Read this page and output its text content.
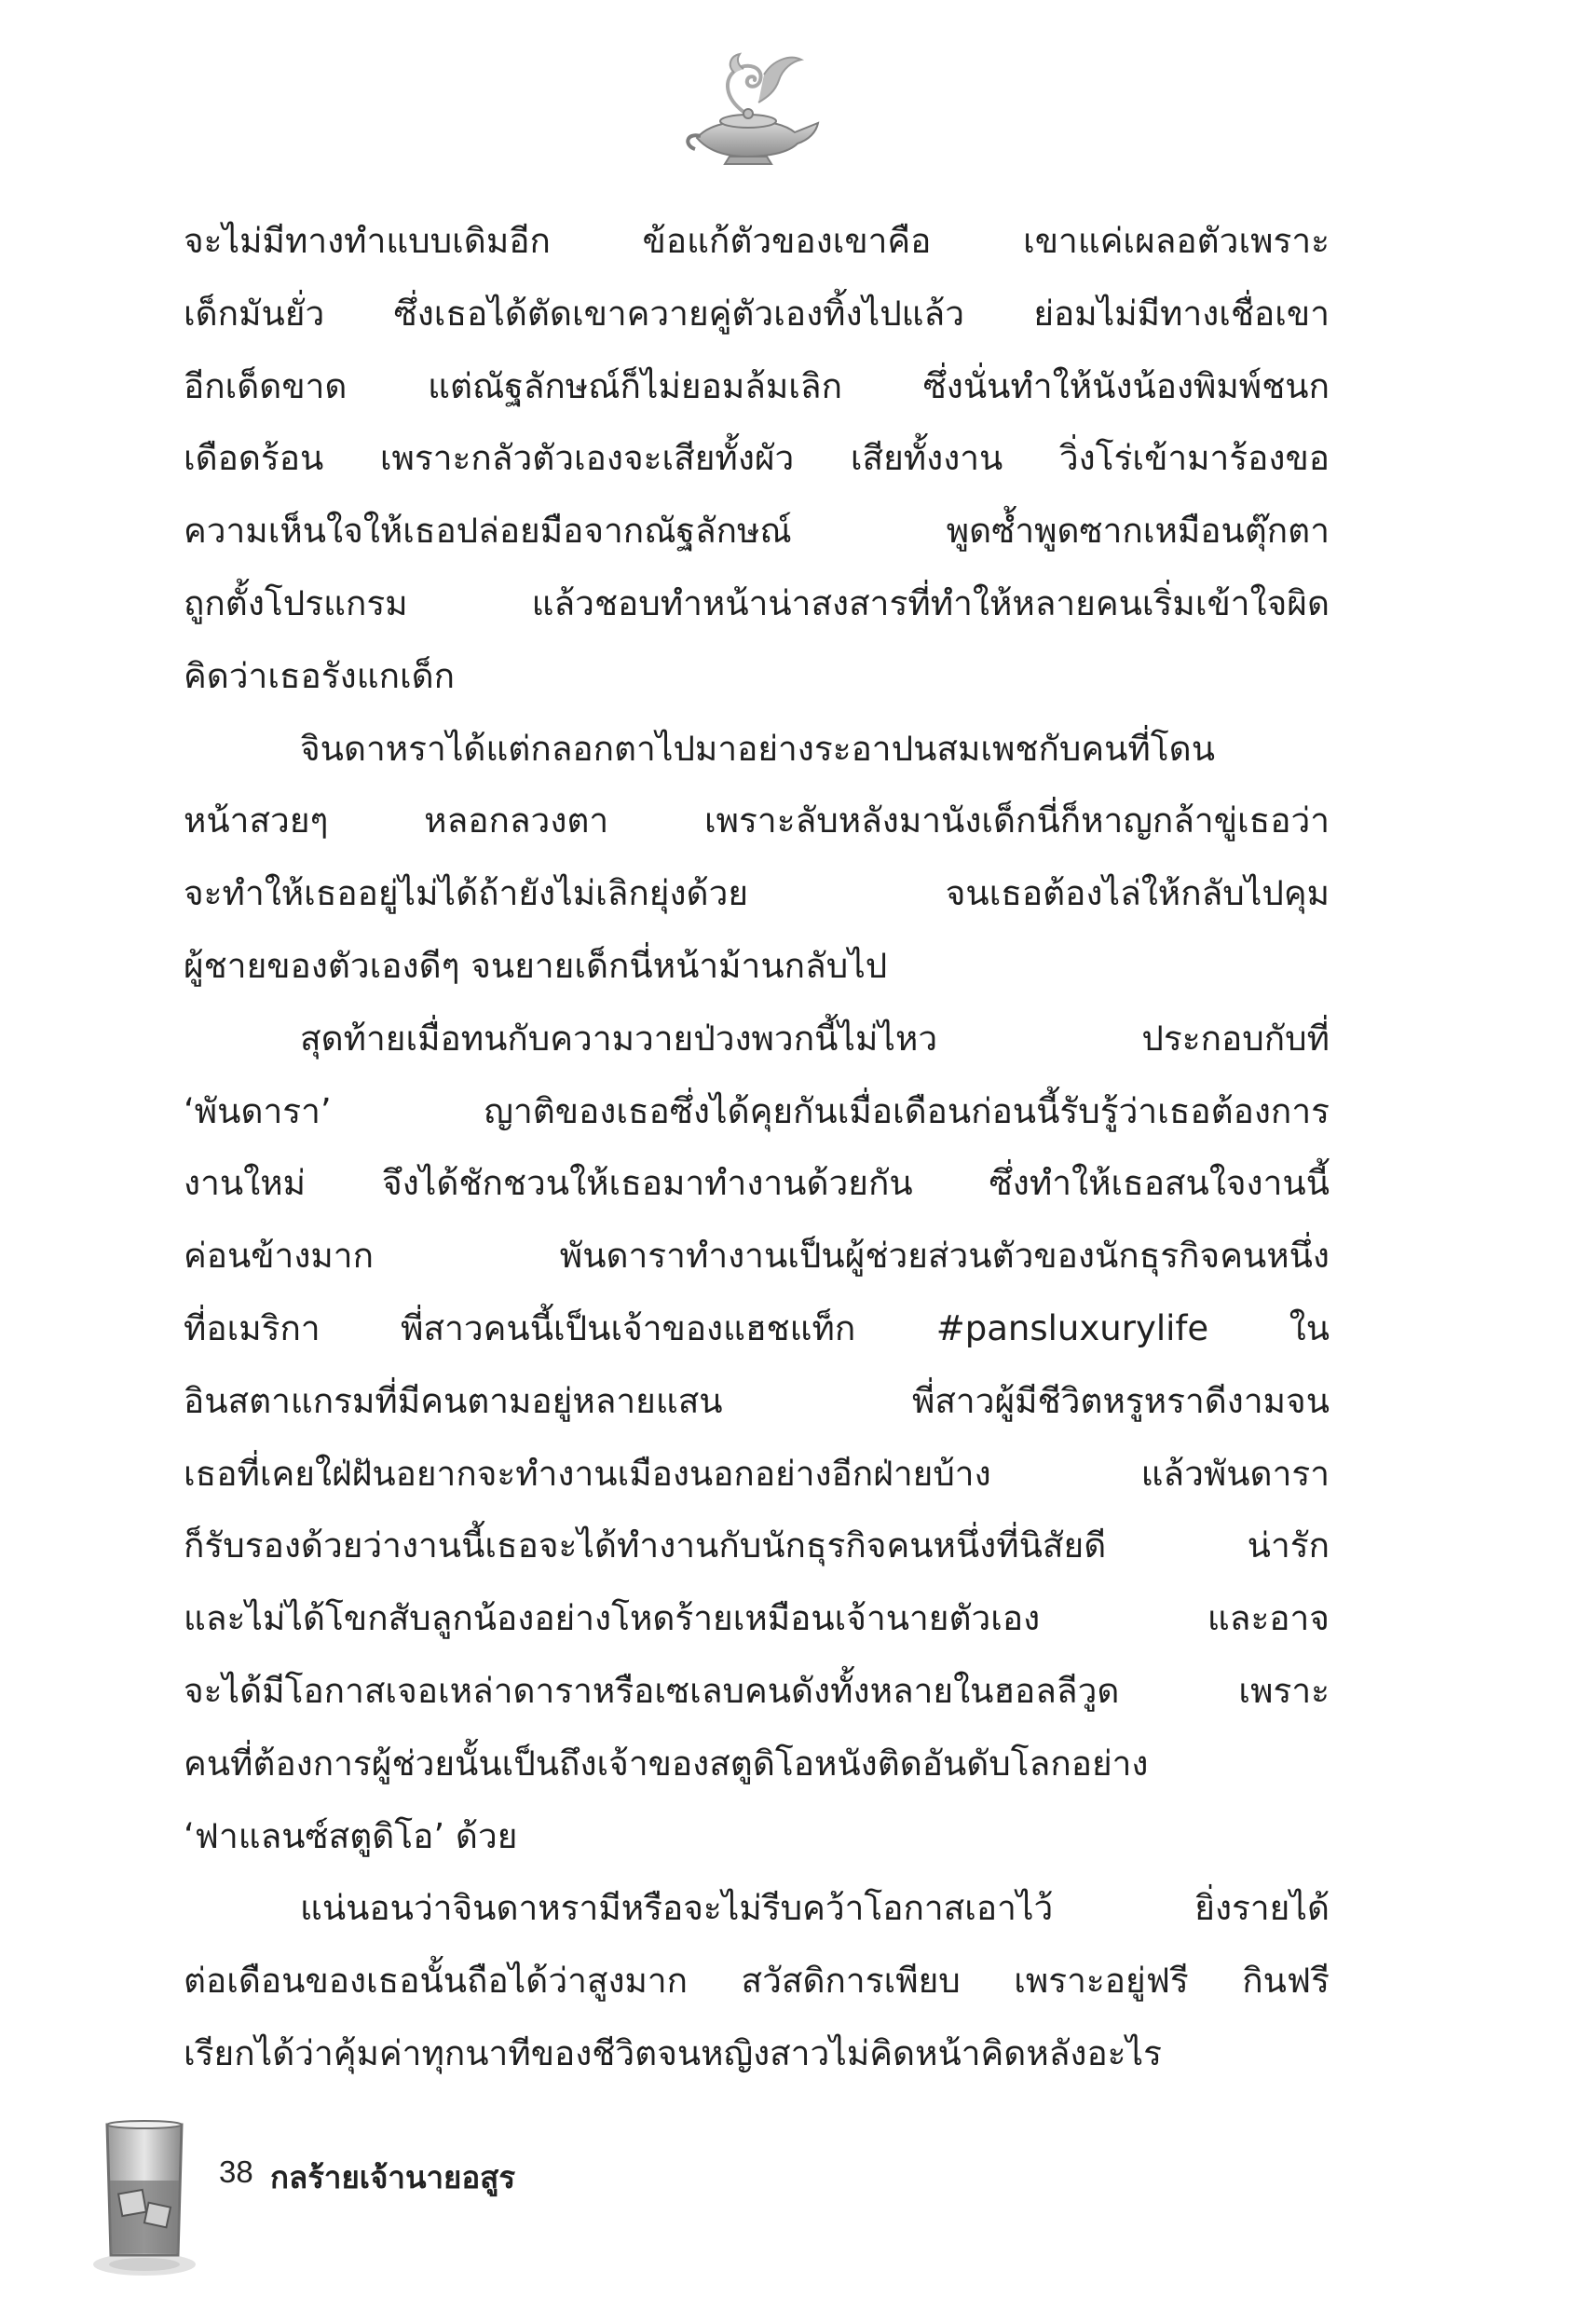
จะไม่มีทางทำแบบเดิมอีก ข้อแก้ตัวของเขาคือ เขาแค่เผลอตัวเพราะ
เด็กมันยั่ว ซึ่งเธอได้ตัดเขาควายคู่ตัวเองทิ้งไปแล้ว ย่อมไม่มีทางเชื่อเขา
อีกเด็ดขาด แต่ณัฐลักษณ์ก็ไม่ยอมล้มเลิก ซึ่งนั่นทำให้นังน้องพิมพ์ชนก
เดือดร้อน เพราะกลัวตัวเองจะเสียทั้งผัว เสียทั้งงาน วิ่งโร่เข้ามาร้องขอ
ความเห็นใจให้เธอปล่อยมือจากณัฐลักษณ์ พูดซ้ำพูดซากเหมือนตุ๊กตา
ถูกตั้งโปรแกรม แล้วชอบทำหน้าน่าสงสารที่ทำให้หลายคนเริ่มเข้าใจผิด
คิดว่าเธอรังแกเด็ก
จินดาหราได้แต่กลอกตาไปมาอย่างระอาปนสมเพชกับคนที่โดน
หน้าสวยๆ หลอกลวงตา เพราะลับหลังมานังเด็กนี่ก็หาญกล้าขู่เธอว่า
จะทำให้เธออยู่ไม่ได้ถ้ายังไม่เลิกยุ่งด้วย จนเธอต้องไล่ให้กลับไปคุม
ผู้ชายของตัวเองดีๆ จนยายเด็กนี่หน้าม้านกลับไป
สุดท้ายเมื่อทนกับความวายป่วงพวกนี้ไม่ไหว ประกอบกับที่
‘พันดารา’ ญาติของเธอซึ่งได้คุยกันเมื่อเดือนก่อนนี้รับรู้ว่าเธอต้องการ
งานใหม่ จึงได้ชักชวนให้เธอมาทำงานด้วยกัน ซึ่งทำให้เธอสนใจงานนี้
ค่อนข้างมาก พันดาราทำงานเป็นผู้ช่วยส่วนตัวของนักธุรกิจคนหนึ่ง
ที่อเมริกา พี่สาวคนนี้เป็นเจ้าของแฮชแท็ก #pansluxurylife ใน
อินสตาแกรมที่มีคนตามอยู่หลายแสน พี่สาวผู้มีชีวิตหรูหราดีงามจน
เธอที่เคยใฝ่ฝันอยากจะทำงานเมืองนอกอย่างอีกฝ่ายบ้าง แล้วพันดารา
ก็รับรองด้วยว่างานนี้เธอจะได้ทำงานกับนักธุรกิจคนหนึ่งที่นิสัยดี น่ารัก
และไม่ได้โขกสับลูกน้องอย่างโหดร้ายเหมือนเจ้านายตัวเอง และอาจ
จะได้มีโอกาสเจอเหล่าดาราหรือเซเลบคนดังทั้งหลายในฮอลลีวูด เพราะ
คนที่ต้องการผู้ช่วยนั้นเป็นถึงเจ้าของสตูดิโอหนังติดอันดับโลกอย่าง
‘ฟาแลนซ์สตูดิโอ’ ด้วย
แน่นอนว่าจินดาหรามีหรือจะไม่รีบคว้าโอกาสเอาไว้ ยิ่งรายได้
ต่อเดือนของเธอนั้นถือได้ว่าสูงมาก สวัสดิการเพียบ เพราะอยู่ฟรี กินฟรี
เรียกได้ว่าคุ้มค่าทุกนาทีของชีวิตจนหญิงสาวไม่คิดหน้าคิดหลังอะไร
38 กลร้ายเจ้านายอสูร
